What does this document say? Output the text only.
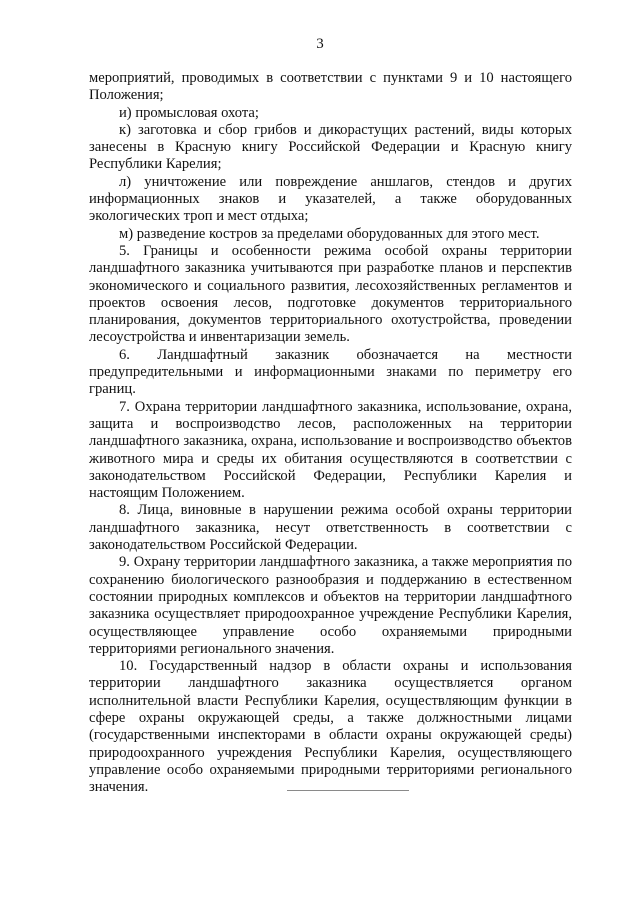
3

мероприятий, проводимых в соответствии с пунктами 9 и 10 настоящего Положения;

и) промысловая охота;

к) заготовка и сбор грибов и дикорастущих растений, виды которых занесены в Красную книгу Российской Федерации и Красную книгу Республики Карелия;

л) уничтожение или повреждение аншлагов, стендов и других информационных знаков и указателей, а также оборудованных экологических троп и мест отдыха;

м) разведение костров за пределами оборудованных для этого мест.

5. Границы и особенности режима особой охраны территории ландшафтного заказника учитываются при разработке планов и перспектив экономического и социального развития, лесохозяйственных регламентов и проектов освоения лесов, подготовке документов территориального планирования, документов территориального охотустройства, проведении лесоустройства и инвентаризации земель.

6. Ландшафтный заказник обозначается на местности предупредительными и информационными знаками по периметру его границ.

7. Охрана территории ландшафтного заказника, использование, охрана, защита и воспроизводство лесов, расположенных на территории ландшафтного заказника, охрана, использование и воспроизводство объектов животного мира и среды их обитания осуществляются в соответствии с законодательством Российской Федерации, Республики Карелия и настоящим Положением.

8. Лица, виновные в нарушении режима особой охраны территории ландшафтного заказника, несут ответственность в соответствии с законодательством Российской Федерации.

9. Охрану территории ландшафтного заказника, а также мероприятия по сохранению биологического разнообразия и поддержанию в естественном состоянии природных комплексов и объектов на территории ландшафтного заказника осуществляет природоохранное учреждение Республики Карелия, осуществляющее управление особо охраняемыми природными территориями регионального значения.

10. Государственный надзор в области охраны и использования территории ландшафтного заказника осуществляется органом исполнительной власти Республики Карелия, осуществляющим функции в сфере охраны окружающей среды, а также должностными лицами (государственными инспекторами в области охраны окружающей среды) природоохранного учреждения Республики Карелия, осуществляющего управление особо охраняемыми природными территориями регионального значения.
